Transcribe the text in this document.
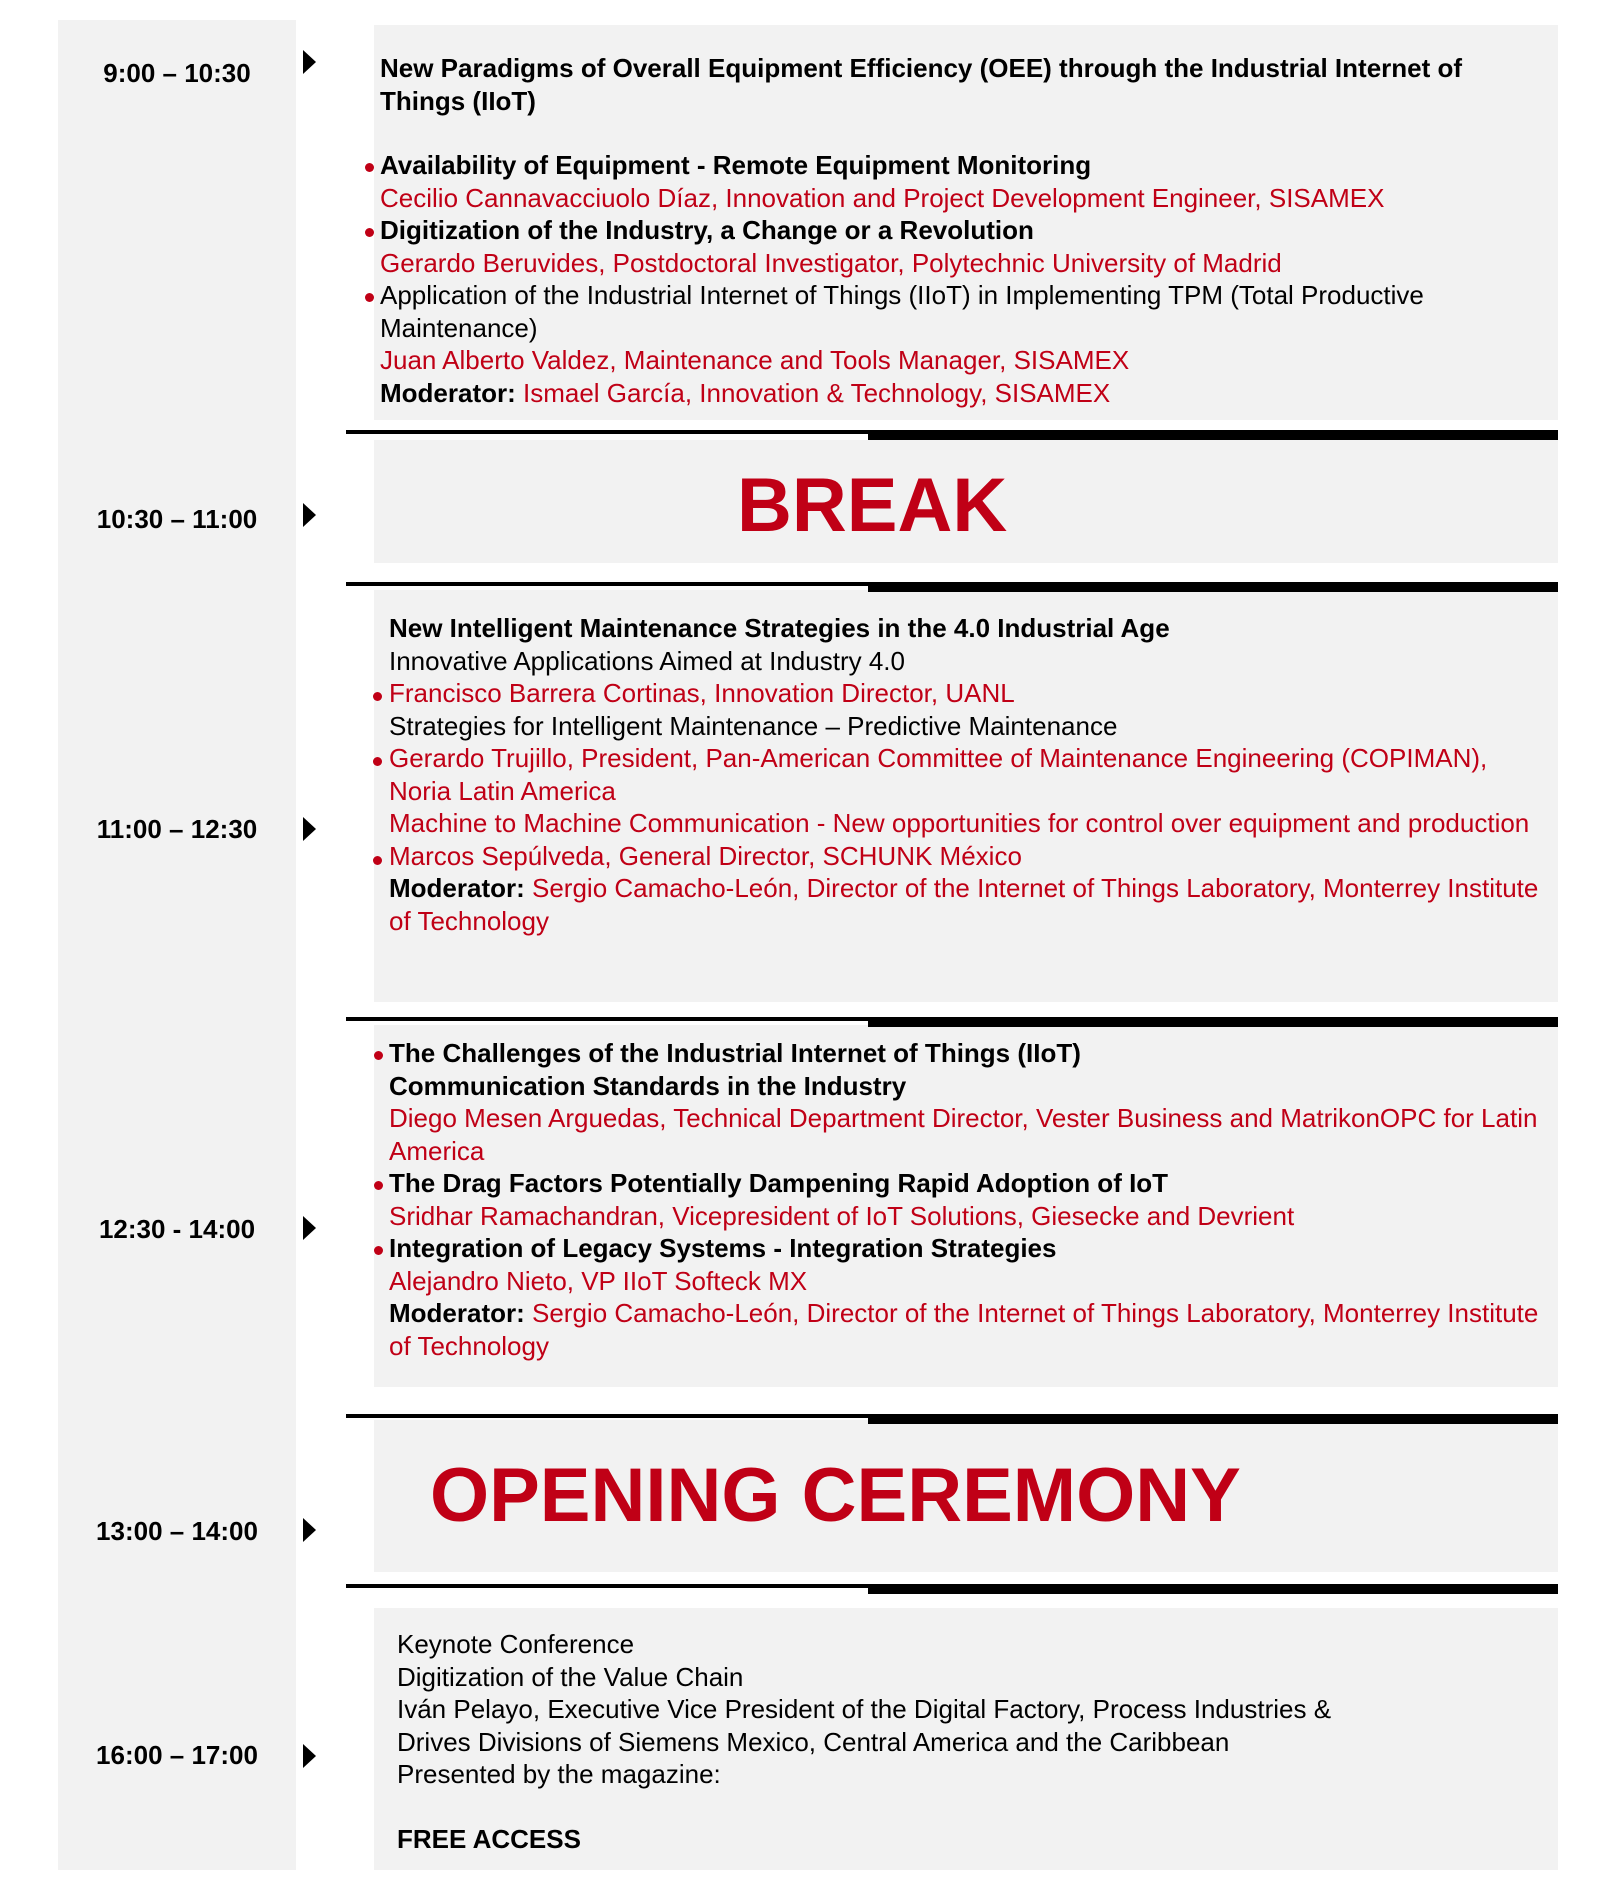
9:00 – 10:30
10:30 – 11:00
11:00 – 12:30
12:30 - 14:00
13:00 – 14:00
16:00 – 17:00

New Paradigms of Overall Equipment Efficiency (OEE) through the Industrial Internet of Things (IIoT)

Availability of Equipment - Remote Equipment Monitoring

Cecilio Cannavacciuolo Díaz, Innovation and Project Development Engineer, SISAMEX

Digitization of the Industry, a Change or a Revolution

Gerardo Beruvides, Postdoctoral Investigator, Polytechnic University of Madrid

Application of the Industrial Internet of Things (IIoT) in Implementing TPM (Total Productive Maintenance)

Juan Alberto Valdez, Maintenance and Tools Manager, SISAMEX

Moderator: Ismael García, Innovation & Technology, SISAMEX

BREAK

New Intelligent Maintenance Strategies in the 4.0 Industrial Age

Innovative Applications Aimed at Industry 4.0

Francisco Barrera Cortinas, Innovation Director, UANL

Strategies for Intelligent Maintenance – Predictive Maintenance

Gerardo Trujillo, President, Pan-American Committee of Maintenance Engineering (COPIMAN), Noria Latin America

Machine to Machine Communication - New opportunities for control over equipment and production

Marcos Sepúlveda, General Director, SCHUNK México

Moderator: Sergio Camacho-León, Director of the Internet of Things Laboratory, Monterrey Institute of Technology

The Challenges of the Industrial Internet of Things (IIoT)

Communication Standards in the Industry

Diego Mesen Arguedas, Technical Department Director, Vester Business and MatrikonOPC for Latin America

The Drag Factors Potentially Dampening Rapid Adoption of IoT

Sridhar Ramachandran, Vicepresident of IoT Solutions, Giesecke and Devrient

Integration of Legacy Systems - Integration Strategies

Alejandro Nieto, VP IIoT Softeck MX

Moderator: Sergio Camacho-León, Director of the Internet of Things Laboratory, Monterrey Institute of Technology

OPENING CEREMONY

Keynote Conference

Digitization of the Value Chain

Iván Pelayo, Executive Vice President of the Digital Factory, Process Industries &

Drives Divisions of Siemens Mexico, Central America and the Caribbean

Presented by the magazine:

FREE ACCESS
